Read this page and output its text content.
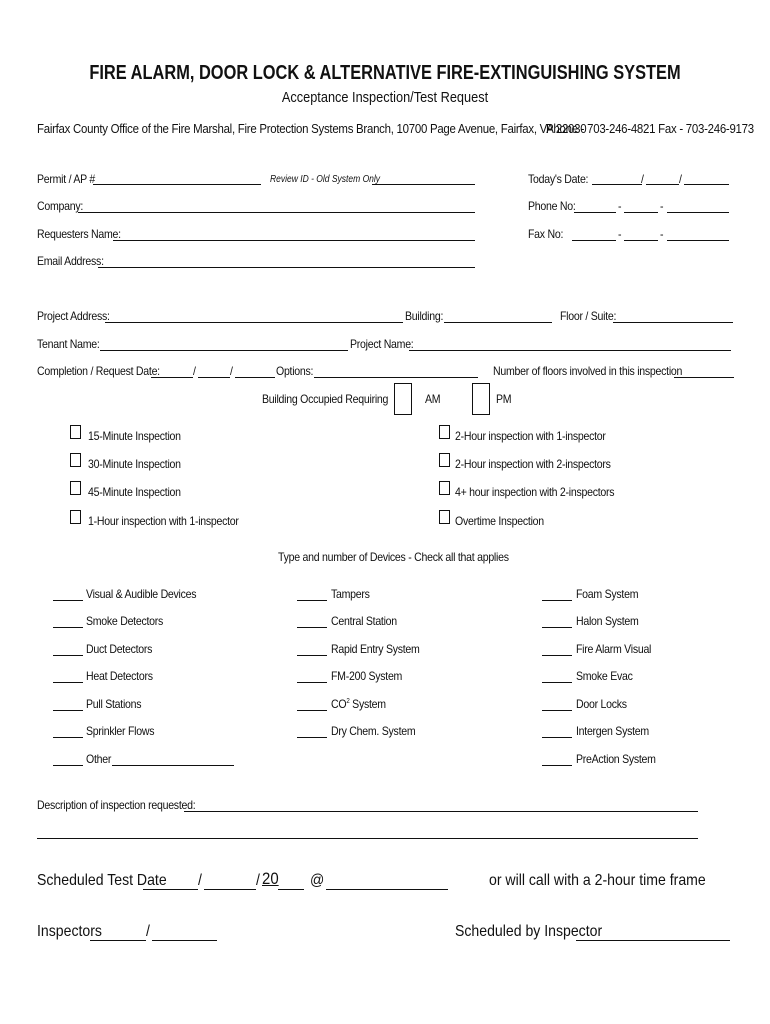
FIRE ALARM, DOOR LOCK & ALTERNATIVE FIRE-EXTINGUISHING SYSTEM
Acceptance Inspection/Test Request
Fairfax County Office of the Fire Marshal, Fire Protection Systems Branch, 10700 Page Avenue, Fairfax, VA 22030
Phone - 703-246-4821 Fax - 703-246-9173
Permit / AP #	Review ID - Old System Only	Today's Date:	/	/
Company:	Phone No:	-	-
Requesters Name:	Fax No:	-	-
Email Address:
Project Address:	Building:	Floor / Suite:
Tenant Name:	Project Name:
Completion / Request Date:	/	/	Options:	Number of floors involved in this inspection
Building Occupied Requiring	AM	PM
15-Minute Inspection
30-Minute Inspection
45-Minute Inspection
1-Hour inspection with 1-inspector
2-Hour inspection with 1-inspector
2-Hour inspection with 2-inspectors
4+ hour inspection with 2-inspectors
Overtime Inspection
Type and number of Devices - Check all that applies
Visual & Audible Devices
Smoke Detectors
Duct Detectors
Heat Detectors
Pull Stations
Sprinkler Flows
Other
Tampers
Central Station
Rapid Entry System
FM-200 System
$CO^2$ System
Dry Chem. System
Foam System
Halon System
Fire Alarm Visual
Smoke Evac
Door Locks
Intergen System
PreAction System
Description of inspection requested:
Scheduled Test Date /	/ 20 @	or will call with a 2-hour time frame
Inspectors	/	Scheduled by Inspector
